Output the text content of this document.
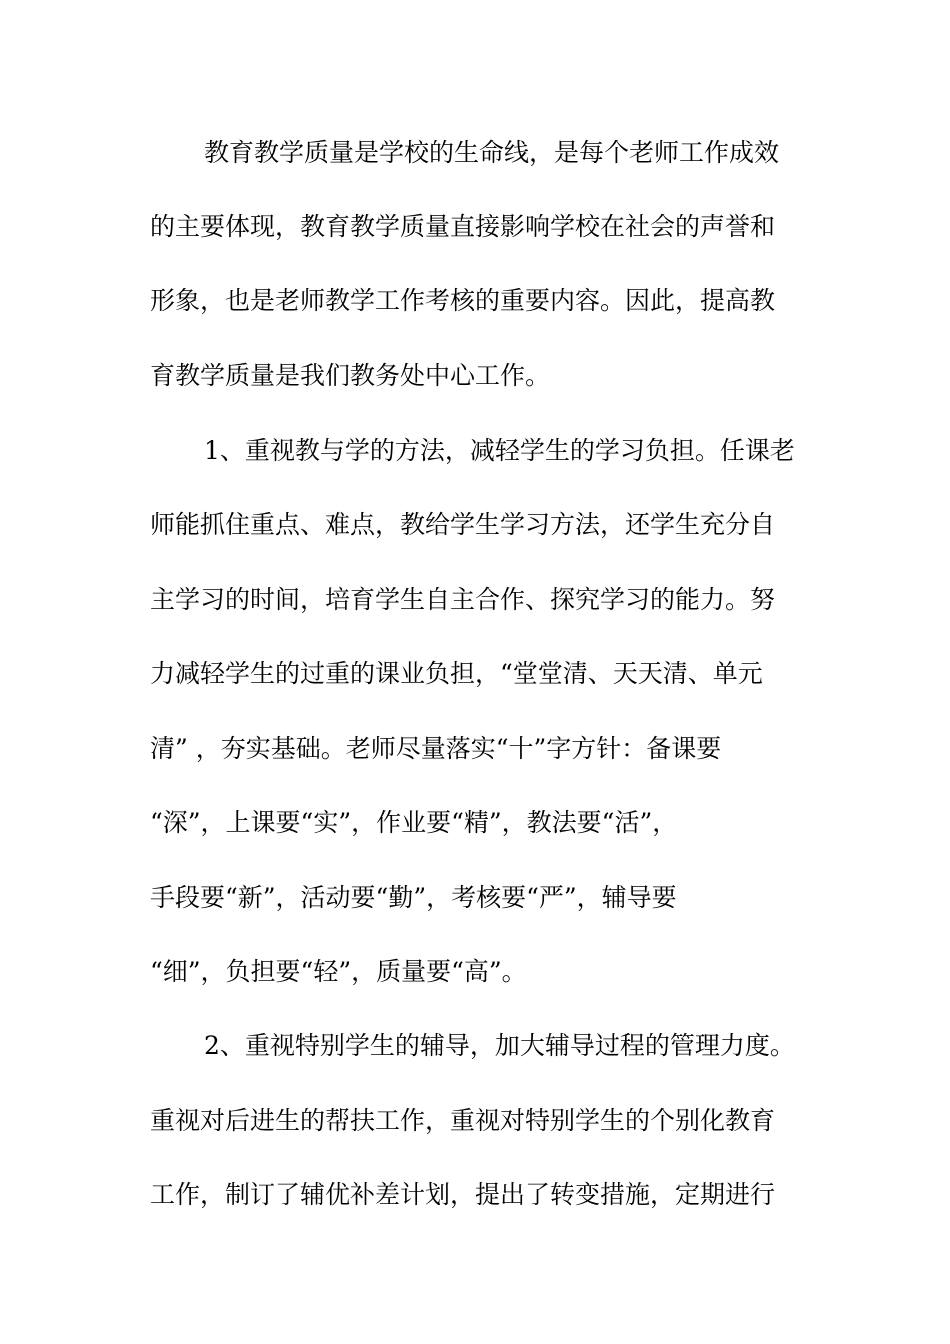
教育教学质量是学校的生命线，是每个老师工作成效
的主要体现，教育教学质量直接影响学校在社会的声誉和
形象，也是老师教学工作考核的重要内容。因此，提高教
育教学质量是我们教务处中心工作。
1、重视教与学的方法，减轻学生的学习负担。任课老
师能抓住重点、难点，教给学生学习方法，还学生充分自
主学习的时间，培育学生自主合作、探究学习的能力。努
力减轻学生的过重的课业负担，“堂堂清、天天清、单元
清” ，夯实基础。老师尽量落实“十”字方针：备课要
“深”，上课要“实”，作业要“精”，教法要“活”，
手段要“新”，活动要“勤”，考核要“严”，辅导要
“细”，负担要“轻”，质量要“高”。
2、重视特别学生的辅导，加大辅导过程的管理力度。
重视对后进生的帮扶工作，重视对特别学生的个别化教育
工作，制订了辅优补差计划，提出了转变措施，定期进行
